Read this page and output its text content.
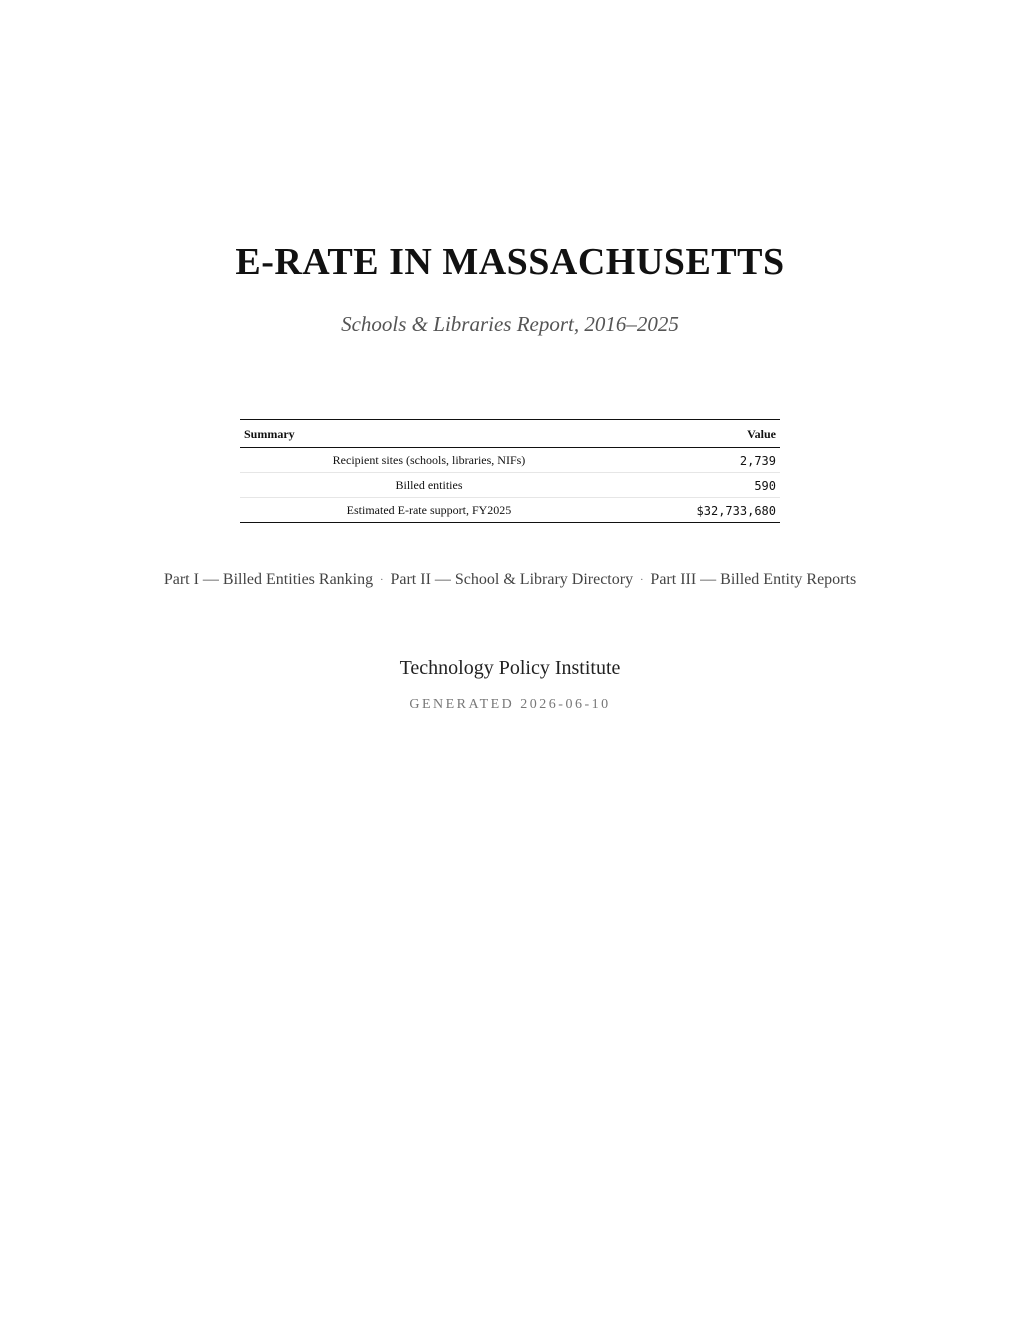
E-RATE IN MASSACHUSETTS
Schools & Libraries Report, 2016–2025
Summary	Value
Recipient sites (schools, libraries, NIFs)	2,739
Billed entities	590
Estimated E-rate support, FY2025	$32,733,680
Part I — Billed Entities Ranking · Part II — School & Library Directory · Part III — Billed Entity Reports
Technology Policy Institute
GENERATED 2026-06-10
